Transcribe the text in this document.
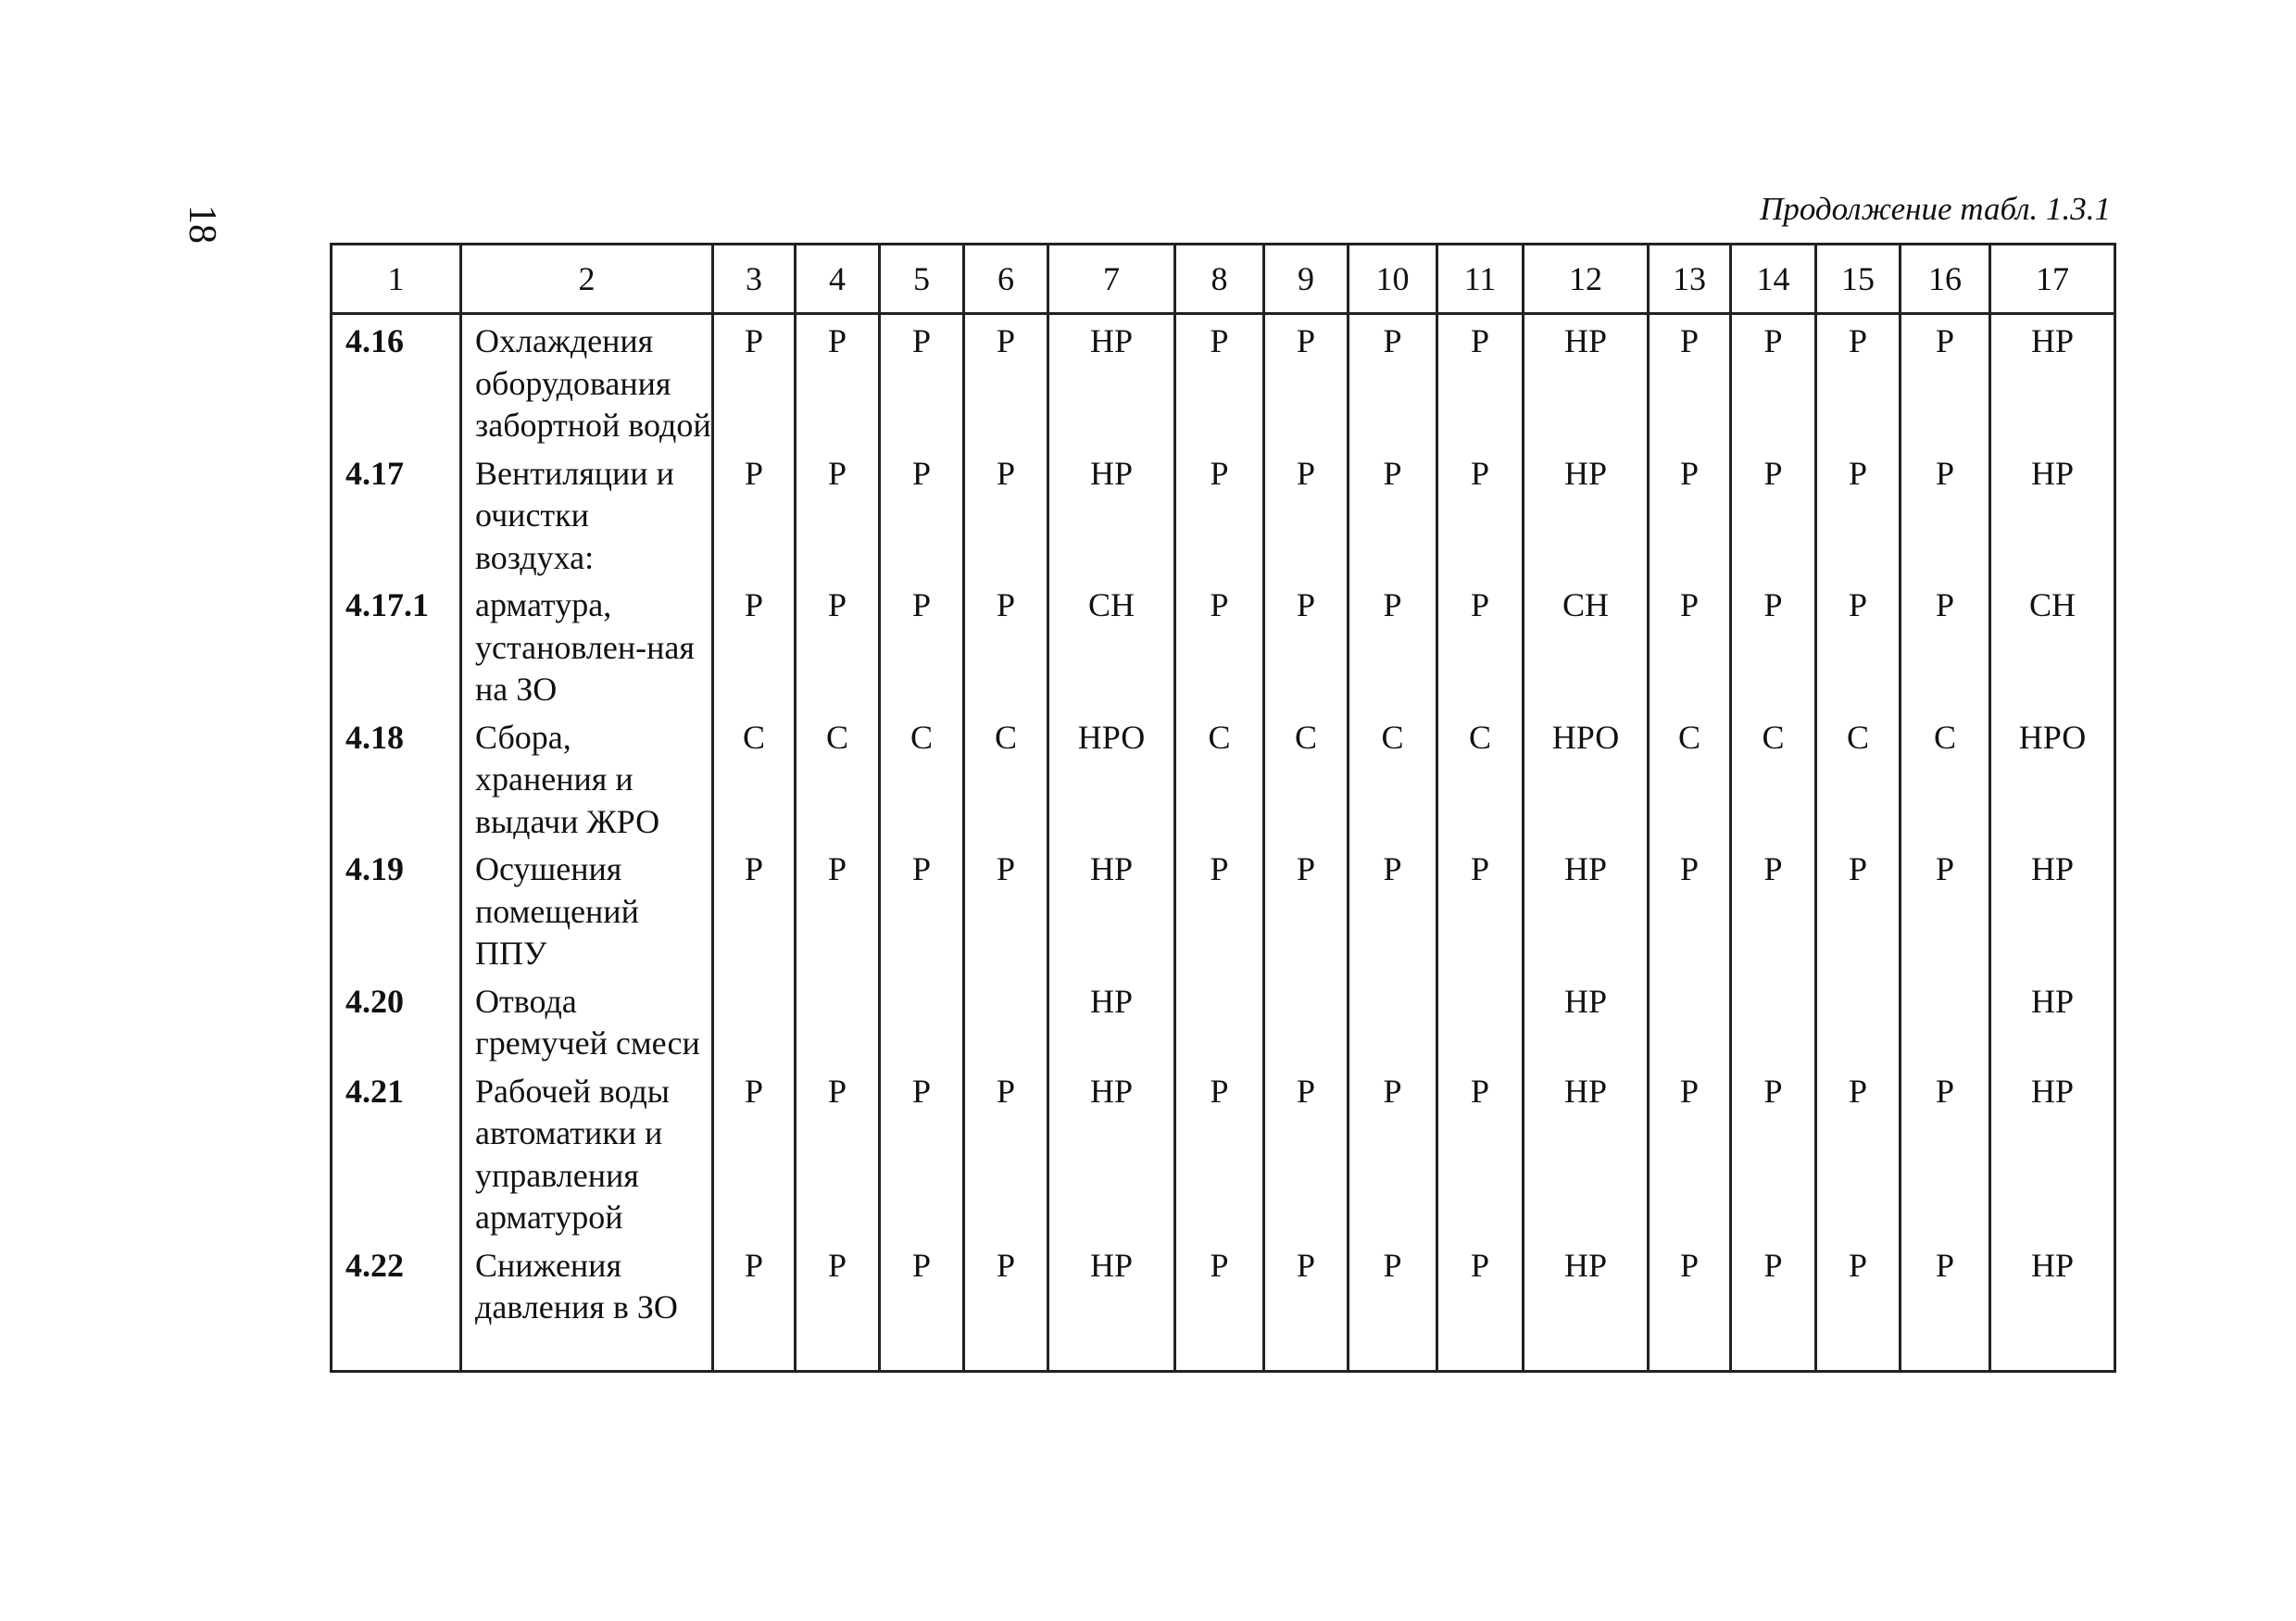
18	Продолжение табл. 1.3.1
1	2	3	4	5	6	7	8	9	10	11	12	13	14	15	16	17
4.16	Охлаждения оборудования забортной водой	Р	Р	Р	Р	НР	Р	Р	Р	Р	НР	Р	Р	Р	Р	НР
4.17	Вентиляции и очистки воздуха:	Р	Р	Р	Р	НР	Р	Р	Р	Р	НР	Р	Р	Р	Р	НР
4.17.1	арматура, установлен-ная на ЗО	Р	Р	Р	Р	СН	Р	Р	Р	Р	СН	Р	Р	Р	Р	СН
4.18	Сбора, хранения и выдачи ЖРО	С	С	С	С	НРО	С	С	С	С	НРО	С	С	С	С	НРО
4.19	Осушения помещений ППУ	Р	Р	Р	Р	НР	Р	Р	Р	Р	НР	Р	Р	Р	Р	НР
4.20	Отвода гремучей смеси					НР					НР					НР
4.21	Рабочей воды автоматики и управления арматурой	Р	Р	Р	Р	НР	Р	Р	Р	Р	НР	Р	Р	Р	Р	НР
4.22	Снижения давления в ЗО	Р	Р	Р	Р	НР	Р	Р	Р	Р	НР	Р	Р	Р	Р	НР
